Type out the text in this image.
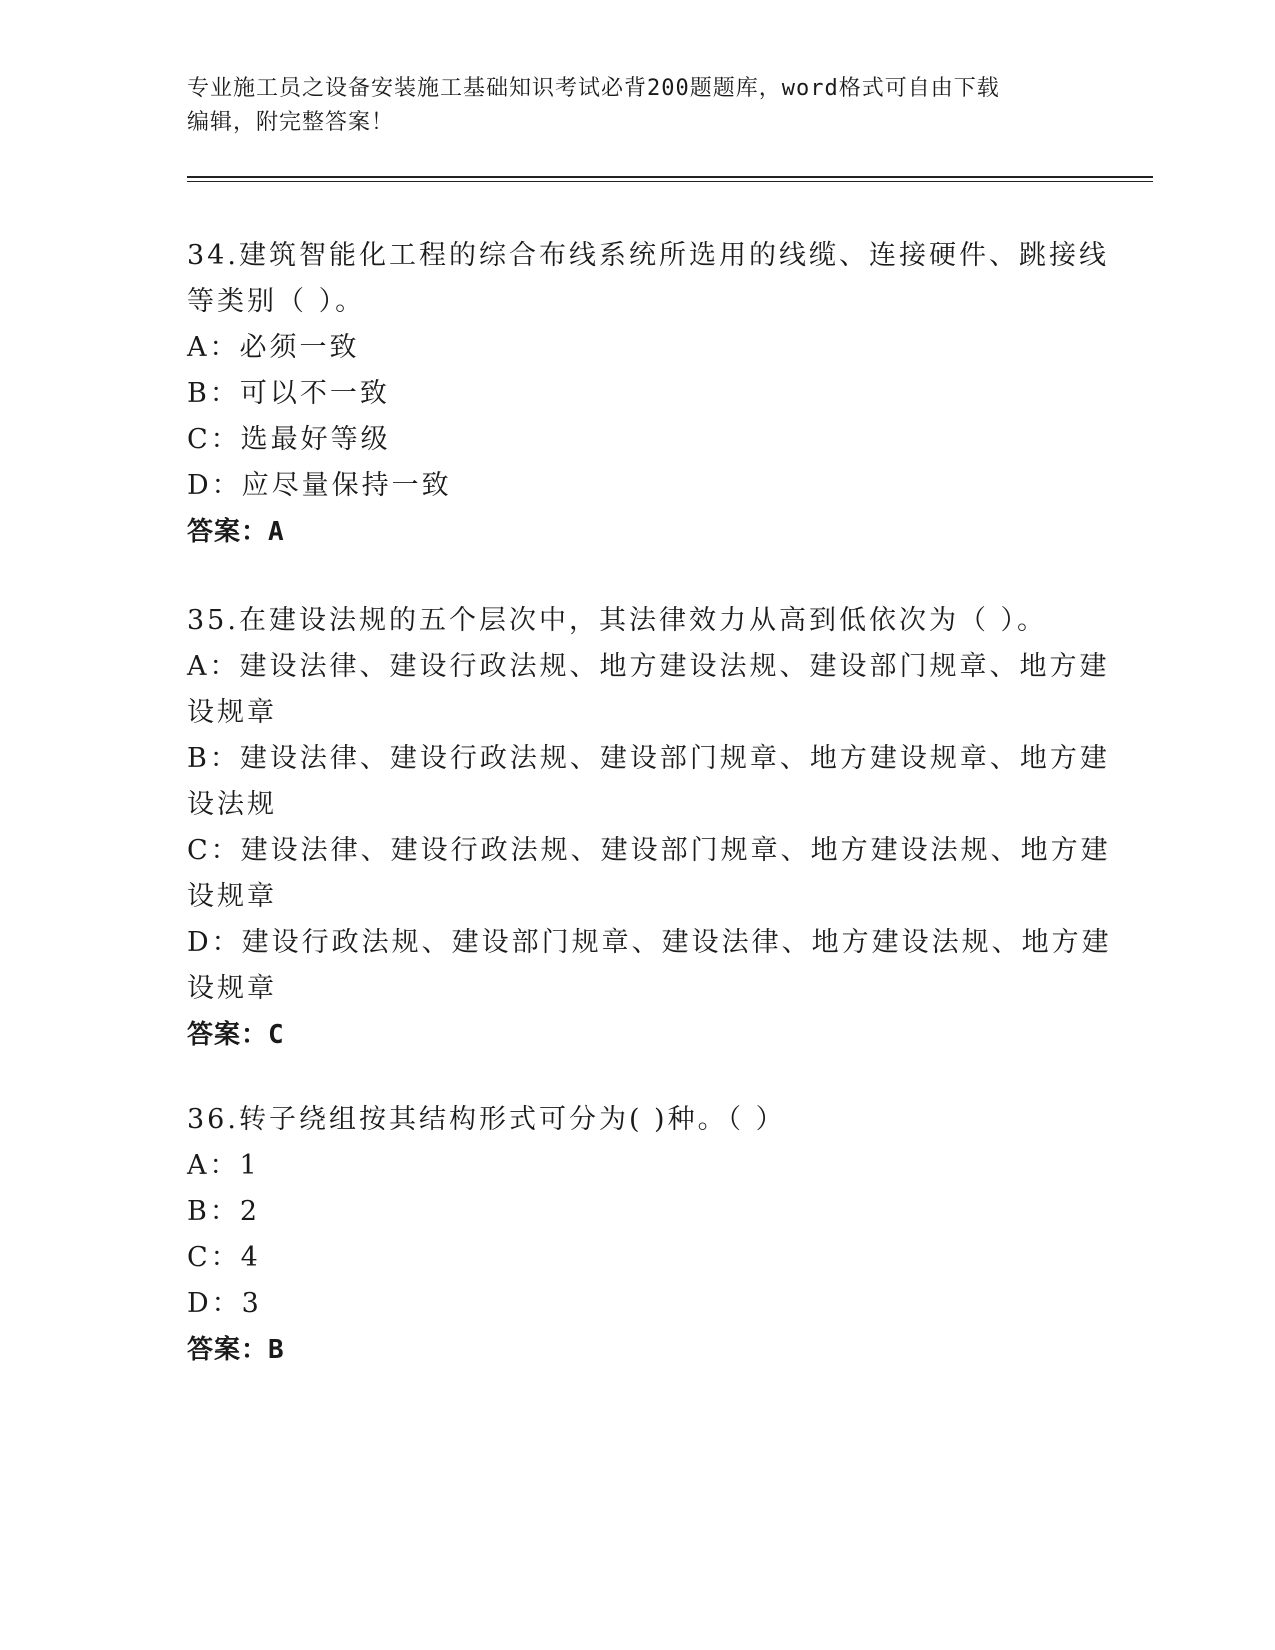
专业施工员之设备安装施工基础知识考试必背200题题库，word格式可自由下载
编辑，附完整答案！
34.建筑智能化工程的综合布线系统所选用的线缆、连接硬件、跳接线
等类别（ ）。
A：必须一致
B：可以不一致
C：选最好等级
D：应尽量保持一致
答案：A
35.在建设法规的五个层次中，其法律效力从高到低依次为（ ）。
A：建设法律、建设行政法规、地方建设法规、建设部门规章、地方建
设规章
B：建设法律、建设行政法规、建设部门规章、地方建设规章、地方建
设法规
C：建设法律、建设行政法规、建设部门规章、地方建设法规、地方建
设规章
D：建设行政法规、建设部门规章、建设法律、地方建设法规、地方建
设规章
答案：C
36.转子绕组按其结构形式可分为( )种。（ ）
A：1
B：2
C：4
D：3
答案：B
